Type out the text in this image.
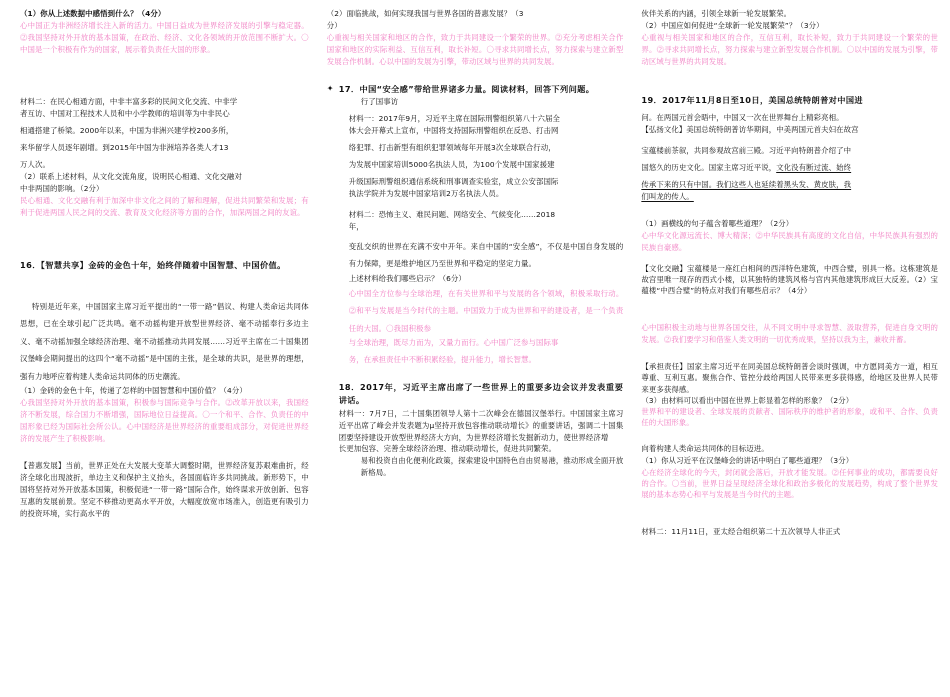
（1）你从上述数据中感悟到什么？（4分）

心中国正为非洲经济增长注入新的活力。中国日益成为世界经济发展的引擎与稳定器。⓶我国坚持对外开放的基本国策，在政治、经济、文化各领域的开放范围不断扩大。〇 中国是一个积极有作为的国家，展示着负责任大国的形象。

材料二：在民心相通方面，中非丰富多彩的民间文化交流、中非学

者互访、中国对工程技术人员和中小学教师的培训等为中非民心

相通搭建了桥梁。2000年以来，中国为非洲兴建学校200多所，

来华留学人员逐年剧增。到2015年中国为非洲培养各类人才13

万人次。

（2）联系上述材料，从文化交流角度，说明民心相通、文化交融对

中非两国的影响。（2分）

民心相通、文化交融有利于加深中非文化之间的了解和理解，促进共同繁荣和发展；有利于促进两国人民之间的交流、教育及文化经济等方面的合作，加深两国之间的友谊。

16．【智慧共享】金砖的金色十年，始终伴随着中国智慧、中国价值。

特别是近年来，中国国家主席习近平提出的“一带一路”倡议、构建人类命运共同体思想，已在全球引起广泛共鸣。毫不动摇构建开放型世界经济、毫不动摇奉行多边主义、毫不动摇加强全球经济治理、毫不动摇推动共同发展……习近平主席在二十国集团汉堡峰会期间提出的这四个“毫不动摇”是中国的主张，是全球的共识，是世界的理想，强有力地呼应着构建人类命运共同体的历史潮流。

（1）金砖的金色十年，传递了怎样的中国智慧和中国价值？（4分）

心我国坚持对外开放的基本国策，积极参与国际竞争与合作。⓶改革开放以来，我国经济不断发展，综合国力不断增强，国际地位日益提高。〇一个和平、合作、负责任的中国形象已经为国际社会所公认。心中国经济是世界经济的重要组成部分，对促进世界经济的发展产生了积极影响。

【普惠发展】当前，世界正处在大发展大变革大调整时期，世界经济复苏艰难曲折，经济全球化出现波折，单边主义和保护主义抬头，各国面临许多共同挑战。新形势下，中国将坚持对外开放基本国策，积极促进“一带一路”国际合作，始终谋求开放创新、包容互惠的发展前景。坚定不移推动更高水平开放，大幅度放宽市场准入，创造更有吸引力的投资环境，实行高水平的

（2）面临挑战，如何实现我国与世界各国的普惠发展？（3

分）

心重视与相关国家和地区的合作，致力于共同建设一个繁荣的世界。⓶充分考虑相关合作国家和地区的实际利益、互信互利，取长补短。〇寻求共同增长点，努力探索与建立新型发展合作机制。心以中国的发展为引擎，带动区域与世界的共同发展。

✦ 17．中国“安全感”带给世界诸多力量。阅读材料，回答下列问题。

行了国事访

材料一：2017年9月，习近平主席在国际刑警组织第八十六届全

体大会开幕式上宣布，中国将支持国际刑警组织在反恐、打击网

络犯罪、打击新型有组织犯罪领域每年开展3次全球联合行动，

为发展中国家培训5000名执法人员，为100个发展中国家援建

升级国际刑警组织通信系统和刑事调查实验室，成立公安部国际

执法学院并为发展中国家培训2万名执法人员。

材料二：恐怖主义、难民问题、网络安全、气候变化……2018

年，

变乱交织的世界在充满不安中开年。来自中国的“安全感”，不仅是中国自身发展的有力保障，更是维护地区乃至世界和平稳定的坚定力量。

上述材料给我们哪些启示？（6分）

心中国全方位参与全球治理，在有关世界和平与发展的各个领域，积极采取行动。⓶和平与发展是当今时代的主题。中国致力于成为世界和平的建设者，是一个负责任的大国。〇我国积极参

与全球治理，既尽力而为，又量力而行。心中国广泛参与国际事

务，在承担责任中不断积累经验，提升能力，增长智慧。

18．2017年，习近平主席出席了一些世界上的重要多边会议并发表重要讲话。

材料一：7月7日，二十国集团领导人第十二次峰会在德国汉堡举行。中国国家主席习近平出席了峰会并发表题为μ坚持开放包容推动联动增长》的重要讲话，强调二十国集团要坚持建设开放型世界经济大方向，为世界经济增长发掘新动力，使世界经济增

长更加包容、完善全球经济治理、推动联动增长，促进共同繁荣。

易和投资自由化便利化政策，探索建设中国特色自由贸易港，推动形成全面开放新格局。

伙伴关系的内涵，引领全球新一轮发展繁荣。

（2）中国应如何促进“全球新一轮发展繁荣”？（3分）

心重视与相关国家和地区的合作，互信互利，取长补短，致力于共同建设一个繁荣的世界。⓶寻求共同增长点，努力探索与建立新型发展合作机制。〇以中国的发展为引擎，带动区域与世界的共同发展。

19．2017年11月8日至10日，美国总统特朗普对中国进

问。在两国元首会晤中，中国又一次在世界舞台上精彩亮相。

【弘扬文化】美国总统特朗普访华期间，中美两国元首夫妇在故宫

宝蕴楼前茶叙，共同参观故宫前三殿。习近平向特朗普介绍了中

国悠久的历史文化。国家主席习近平说，文化没有断过流、始终

传承下来的只有中国。我们这些人也延续着黑头发、黄皮肤，我

们叫龙的传人。

（1）画横线的句子蕴含着哪些道理？（2分）

心中华文化源远流长、博大精深；⓶中华民族具有高度的文化自信，中华民族具有强烈的民族自豪感。

【文化交融】宝蕴楼是一座红白相间的西洋特色建筑，中西合璧，别具一格。这栋建筑是故宫里唯一现存的西式小楼，以其独特的建筑风格与宫内其他建筑形成巨大反差。（2）宝蕴楼“中西合璧”的特点对我们有哪些启示？（4分）

心中国积极主动地与世界各国交往，从不同文明中寻求智慧、汲取营养，促进自身文明的发展。⓶我们要学习和借鉴人类文明的一切优秀成果，坚持以我为主，兼收并蓄。

【承担责任】国家主席习近平在同美国总统特朗普会谈时强调，中方愿同美方一道，相互尊重、互利互惠。聚焦合作、管控分歧给两国人民带来更多获得感，给地区及世界人民带来更多获得感。

（3）由材料可以看出中国在世界上彰显着怎样的形象？（2分）

世界和平的建设者、全球发展的贡献者、国际秩序的维护者的形象，或和平、合作、负责任的大国形象。

向着构建人类命运共同体的目标迈进。

（1）你从习近平在汉堡峰会的讲话中明白了哪些道理？（3分）

心在经济全球化的今天，封闭就会落后，开放才能发展。⓶任何事业的成功，都需要良好的合作。〇当前，世界日益呈现经济全球化和政治多极化的发展趋势，构成了整个世界发展的基本态势心和平与发展是当今时代的主题。

材料二：11月11日，亚太经合组织第二十五次领导人非正式
